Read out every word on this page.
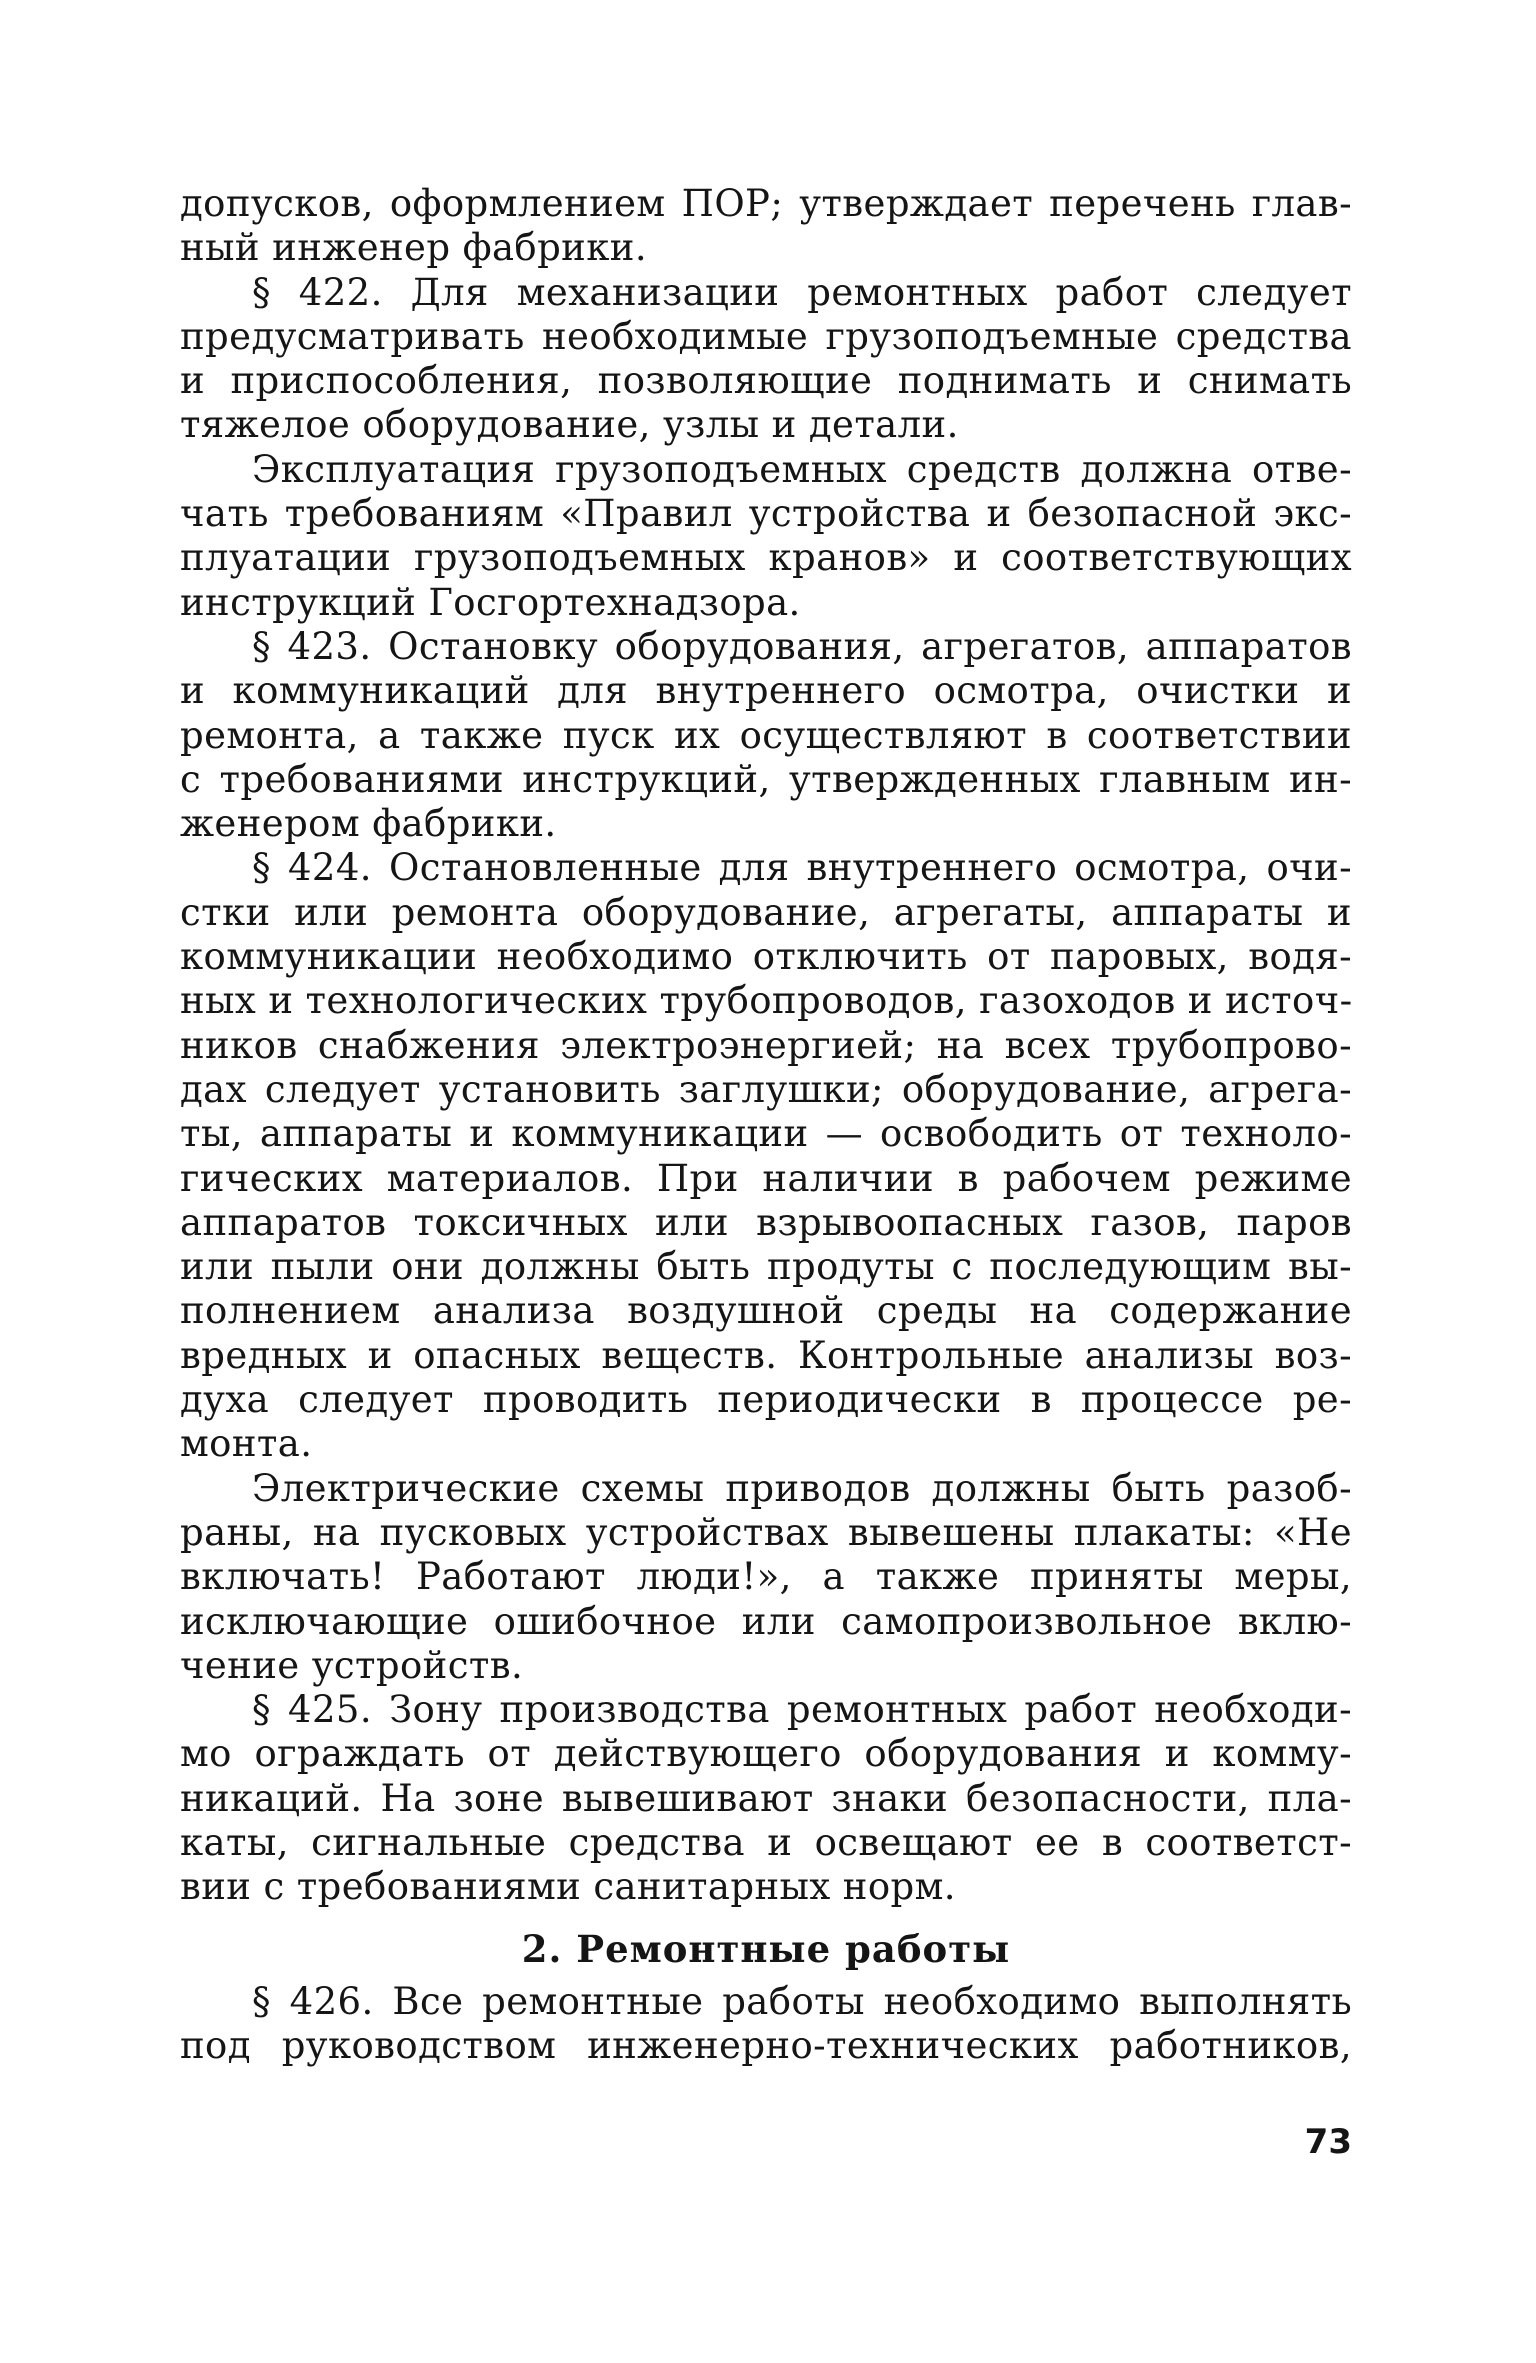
допусков, оформлением ПОР; утверждает перечень глав-
ный инженер фабрики.
§ 422. Для механизации ремонтных работ следует
предусматривать необходимые грузоподъемные средства
и приспособления, позволяющие поднимать и снимать
тяжелое оборудование, узлы и детали.
Эксплуатация грузоподъемных средств должна отве-
чать требованиям «Правил устройства и безопасной экс-
плуатации грузоподъемных кранов» и соответствующих
инструкций Госгортехнадзора.
§ 423. Остановку оборудования, агрегатов, аппаратов
и коммуникаций для внутреннего осмотра, очистки и
ремонта, а также пуск их осуществляют в соответствии
с требованиями инструкций, утвержденных главным ин-
женером фабрики.
§ 424. Остановленные для внутреннего осмотра, очи-
стки или ремонта оборудование, агрегаты, аппараты и
коммуникации необходимо отключить от паровых, водя-
ных и технологических трубопроводов, газоходов и источ-
ников снабжения электроэнергией; на всех трубопрово-
дах следует установить заглушки; оборудование, агрега-
ты, аппараты и коммуникации — освободить от техноло-
гических материалов. При наличии в рабочем режиме
аппаратов токсичных или взрывоопасных газов, паров
или пыли они должны быть продуты с последующим вы-
полнением анализа воздушной среды на содержание
вредных и опасных веществ. Контрольные анализы воз-
духа следует проводить периодически в процессе ре-
монта.
Электрические схемы приводов должны быть разоб-
раны, на пусковых устройствах вывешены плакаты: «Не
включать! Работают люди!», а также приняты меры,
исключающие ошибочное или самопроизвольное вклю-
чение устройств.
§ 425. Зону производства ремонтных работ необходи-
мо ограждать от действующего оборудования и комму-
никаций. На зоне вывешивают знаки безопасности, пла-
каты, сигнальные средства и освещают ее в соответст-
вии с требованиями санитарных норм.
2. Ремонтные работы
§ 426. Все ремонтные работы необходимо выполнять
под руководством инженерно-технических работников,
73
